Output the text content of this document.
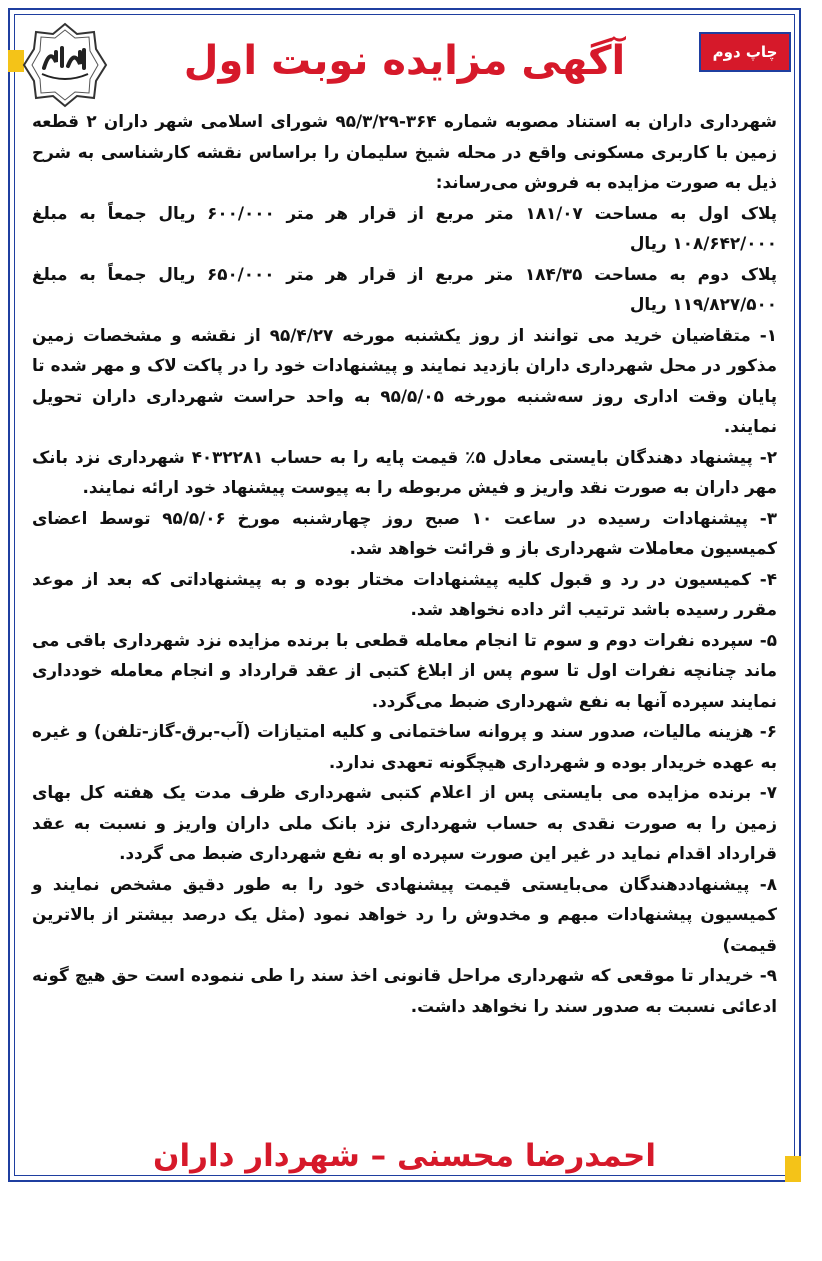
چاپ دوم
آگهی مزایده نوبت اول

شهرداری داران به استناد مصوبه شماره ۳۶۴-۹۵/۳/۲۹ شورای اسلامی شهر داران ۲ قطعه زمین با کاربری مسکونی واقع در محله شیخ سلیمان را براساس نقشه کارشناسی به شرح ذیل به صورت مزایده به فروش می‌رساند:

پلاک اول به مساحت ۱۸۱/۰۷ متر مربع از قرار هر متر ۶۰۰/۰۰۰ ریال جمعاً به مبلغ ۱۰۸/۶۴۲/۰۰۰ ریال

پلاک دوم به مساحت ۱۸۴/۳۵ متر مربع از قرار هر متر ۶۵۰/۰۰۰ ریال جمعاً به مبلغ ۱۱۹/۸۲۷/۵۰۰ ریال

۱- متقاضیان خرید می توانند از روز یکشنبه مورخه ۹۵/۴/۲۷ از نقشه و مشخصات زمین مذکور در محل شهرداری داران بازدید نمایند و پیشنهادات خود را در پاکت لاک و مهر شده تا پایان وقت اداری روز سه‌شنبه مورخه ۹۵/۵/۰۵ به واحد حراست شهرداری داران تحویل نمایند.

۲- پیشنهاد دهندگان بایستی معادل ۵٪ قیمت پایه را به حساب ۴۰۳۲۲۸۱ شهرداری نزد بانک مهر داران به صورت نقد واریز و فیش مربوطه را به پیوست پیشنهاد خود ارائه نمایند.

۳- پیشنهادات رسیده در ساعت ۱۰ صبح روز چهارشنبه مورخ ۹۵/۵/۰۶ توسط اعضای کمیسیون معاملات شهرداری باز و قرائت خواهد شد.

۴- کمیسیون در رد و قبول کلیه پیشنهادات مختار بوده و به پیشنهاداتی که بعد از موعد مقرر رسیده باشد ترتیب اثر داده نخواهد شد.

۵- سپرده نفرات دوم و سوم تا انجام معامله قطعی با برنده مزایده نزد شهرداری باقی می ماند چنانچه نفرات اول تا سوم پس از ابلاغ کتبی از عقد قرارداد و انجام معامله خودداری نمایند سپرده آنها به نفع شهرداری ضبط می‌گردد.

۶- هزینه مالیات، صدور سند و پروانه ساختمانی و کلیه امتیازات (آب-برق-گاز-تلفن) و غیره به عهده خریدار بوده و شهرداری هیچگونه تعهدی ندارد.

۷- برنده مزایده می بایستی پس از اعلام کتبی شهرداری ظرف مدت یک هفته کل بهای زمین را به صورت نقدی به حساب شهرداری نزد بانک ملی داران واریز و نسبت به عقد قرارداد اقدام نماید در غیر این صورت سپرده او به نفع شهرداری ضبط می گردد.

۸- پیشنهاددهندگان می‌بایستی قیمت پیشنهادی خود را به طور دقیق مشخص نمایند و کمیسیون پیشنهادات مبهم و مخدوش را رد خواهد نمود (مثل یک درصد بیشتر از بالاترین قیمت)

۹- خریدار تا موقعی که شهرداری مراحل قانونی اخذ سند را طی ننموده است حق هیچ گونه ادعائی نسبت به صدور سند را نخواهد داشت.

احمدرضا محسنی – شهردار داران
